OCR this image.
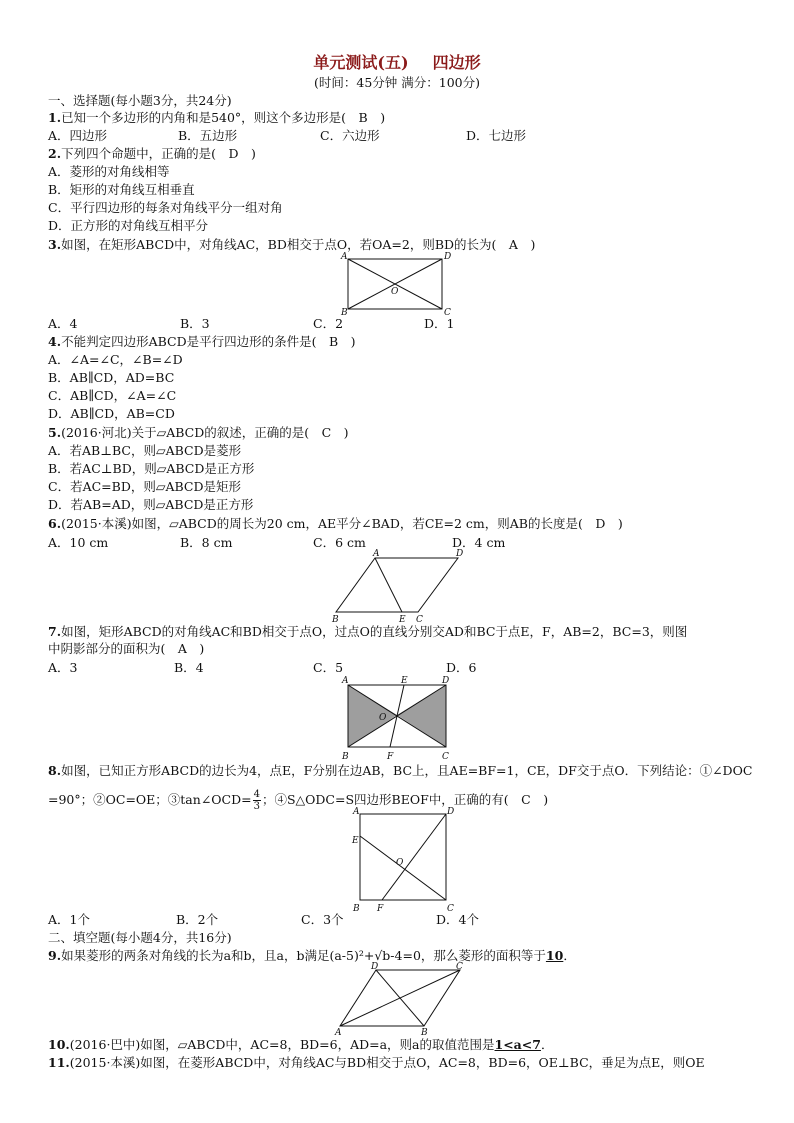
单元测试(五) 四边形
(时间：45分钟 满分：100分)
一、选择题(每小题3分，共24分)
1.已知一个多边形的内角和是540°，则这个多边形是(　B　)
A．四边形	B．五边形	C．六边形	D．七边形
2.下列四个命题中，正确的是(　D　)
A．菱形的对角线相等
B．矩形的对角线互相垂直
C．平行四边形的每条对角线平分一组对角
D．正方形的对角线互相平分
3.如图，在矩形ABCD中，对角线AC，BD相交于点O，若OA=2，则BD的长为(　A　)
A	D
O
B	C
A．4	B．3	C．2	D．1
4.不能判定四边形ABCD是平行四边形的条件是(　B　)
A．∠A=∠C，∠B=∠D
B．AB∥CD，AD=BC
C．AB∥CD，∠A=∠C
D．AB∥CD，AB=CD
5.(2016·河北)关于▱ABCD的叙述，正确的是(　C　)
A．若AB⊥BC，则▱ABCD是菱形
B．若AC⊥BD，则▱ABCD是正方形
C．若AC=BD，则▱ABCD是矩形
D．若AB=AD，则▱ABCD是正方形
6.(2015·本溪)如图，▱ABCD的周长为20 cm，AE平分∠BAD，若CE=2 cm，则AB的长度是(　D　)
A．10 cm	B．8 cm	C．6 cm	D．4 cm
A	D
B	E C
7.如图，矩形ABCD的对角线AC和BD相交于点O，过点O的直线分别交AD和BC于点E，F，AB=2，BC=3，则图
中阴影部分的面积为(　A　)
A．3	B．4	C．5	D．6
A	E	D
O
B	F	C
8.如图，已知正方形ABCD的边长为4，点E，F分别在边AB，BC上，且AE=BF=1，CE，DF交于点O．下列结论：①∠DOC
=90°；②OC=OE；③tan∠OCD= $\frac{4}{3}$ ；④S△ODC=S四边形BEOF中，正确的有(　C　)
A	D
E
O
B F	C
A．1个	B．2个	C．3个	D．4个
二、填空题(每小题4分，共16分)
9.如果菱形的两条对角线的长为a和b，且a，b满足(a-5)²+√b-4=0，那么菱形的面积等于10．
D	C
A	B
10.(2016·巴中)如图，▱ABCD中，AC=8，BD=6，AD=a，则a的取值范围是1<a<7．
11.(2015·本溪)如图，在菱形ABCD中，对角线AC与BD相交于点O，AC=8，BD=6，OE⊥BC，垂足为点E，则OE
